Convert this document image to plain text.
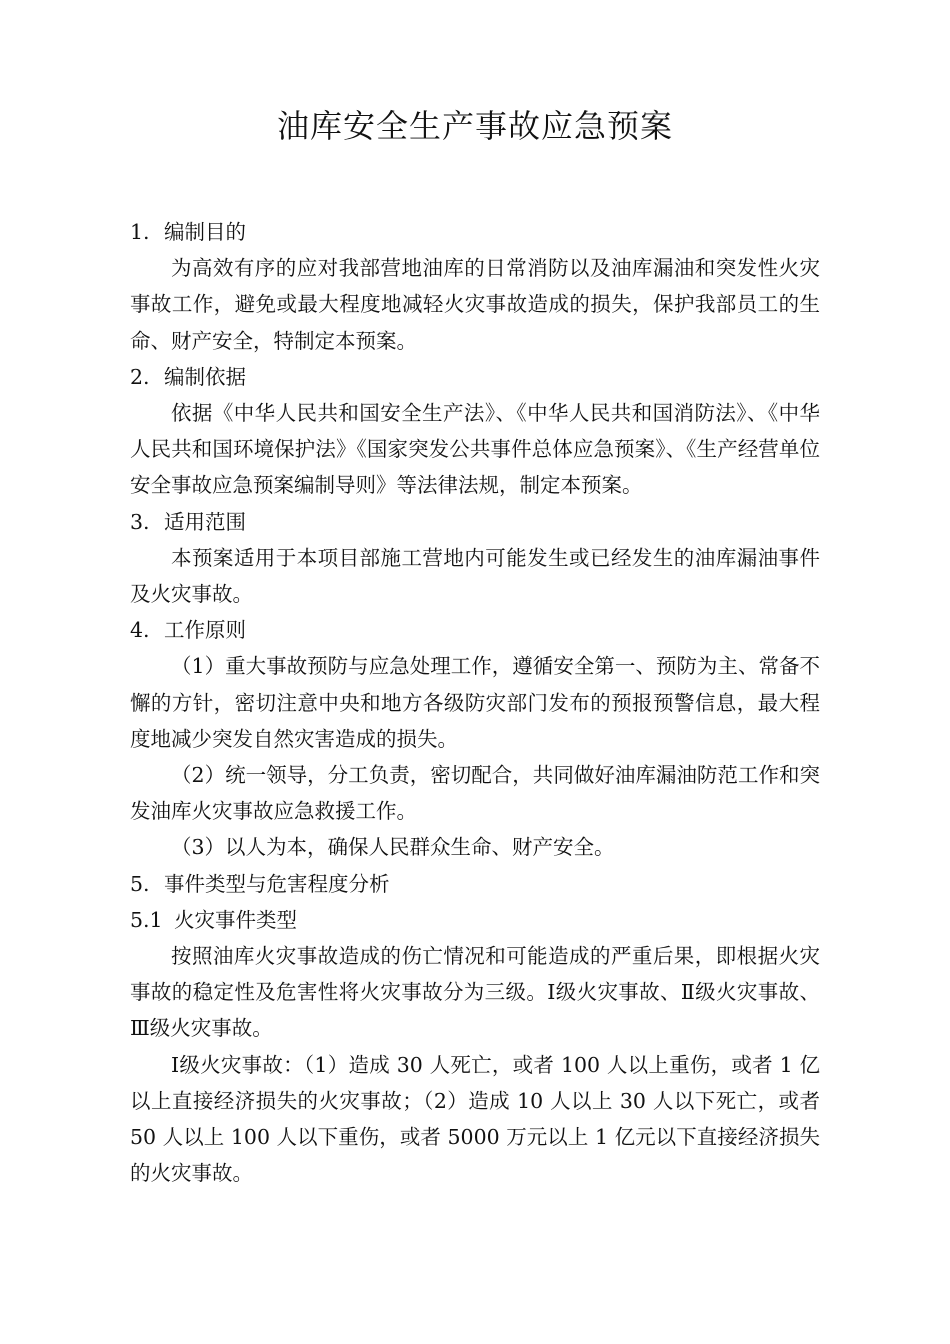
油库安全生产事故应急预案

1. 编制目的

为高效有序的应对我部营地油库的日常消防以及油库漏油和突发性火灾事故工作，避免或最大程度地减轻火灾事故造成的损失，保护我部员工的生命、财产安全，特制定本预案。

2. 编制依据

依据《中华人民共和国安全生产法》、《中华人民共和国消防法》、《中华人民共和国环境保护法》《国家突发公共事件总体应急预案》、《生产经营单位安全事故应急预案编制导则》等法律法规，制定本预案。

3. 适用范围

本预案适用于本项目部施工营地内可能发生或已经发生的油库漏油事件及火灾事故。

4. 工作原则

（1）重大事故预防与应急处理工作，遵循安全第一、预防为主、常备不懈的方针，密切注意中央和地方各级防灾部门发布的预报预警信息，最大程度地减少突发自然灾害造成的损失。

（2）统一领导，分工负责，密切配合，共同做好油库漏油防范工作和突发油库火灾事故应急救援工作。

（3）以人为本，确保人民群众生命、财产安全。

5. 事件类型与危害程度分析

5.1 火灾事件类型

按照油库火灾事故造成的伤亡情况和可能造成的严重后果，即根据火灾事故的稳定性及危害性将火灾事故分为三级。Ⅰ级火灾事故、Ⅱ级火灾事故、Ⅲ级火灾事故。

Ⅰ级火灾事故：（1）造成 30 人死亡，或者 100 人以上重伤，或者 1 亿以上直接经济损失的火灾事故；（2）造成 10 人以上 30 人以下死亡，或者 50 人以上 100 人以下重伤，或者 5000 万元以上 1 亿元以下直接经济损失的火灾事故。
